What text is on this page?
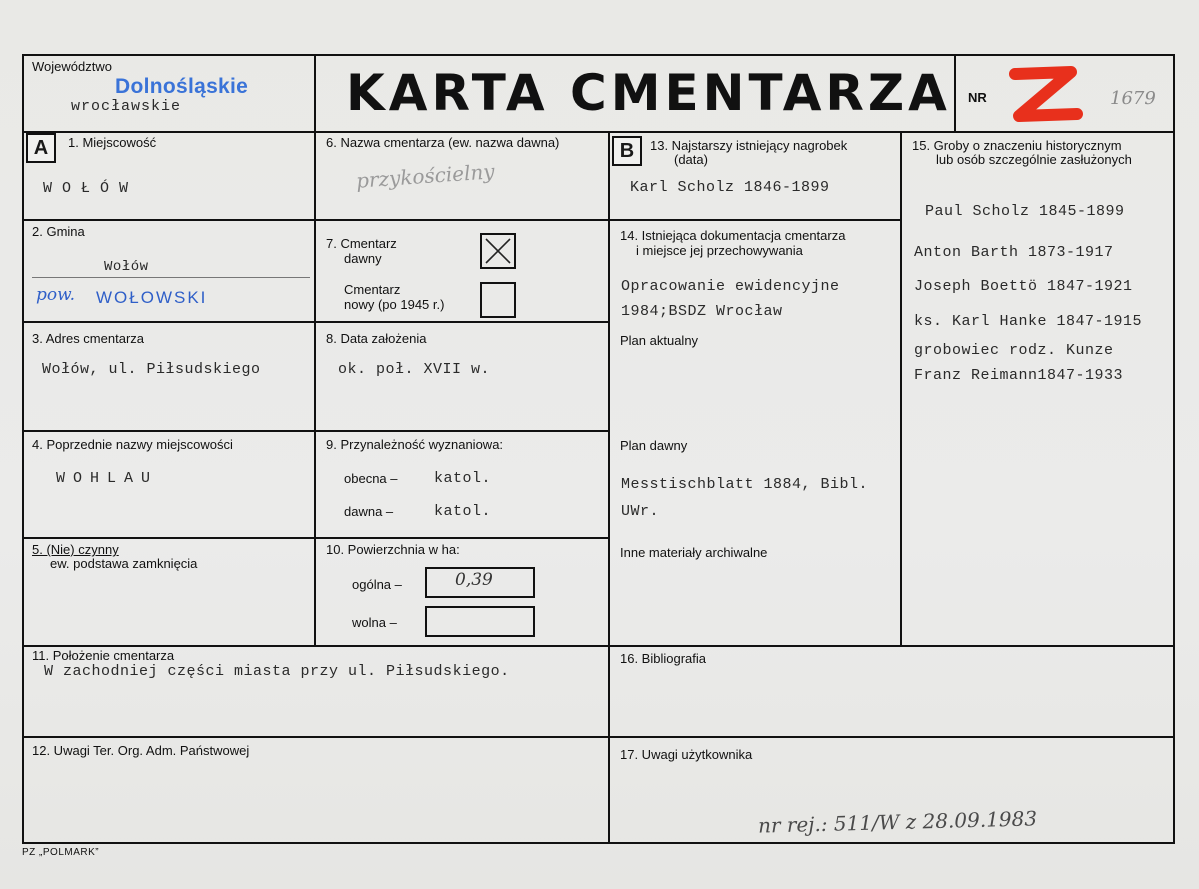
Województwo
Dolnośląskie
wrocławskie	KARTA CMENTARZA NR	1679
A	1. Miejscowość
WOŁÓW
2. Gmina
Wołów
pow. WOŁOWSKI
3. Adres cmentarza
Wołów, ul. Piłsudskiego
4. Poprzednie nazwy miejscowości
WOHLAU
5. (Nie) czynny
ew. podstawa zamknięcia
6. Nazwa cmentarza (ew. nazwa dawna)
przykościelny
7. Cmentarz
dawny
Cmentarz
nowy (po 1945 r.)
8. Data założenia
ok. poł. XVII w.
9. Przynależność wyznaniowa:
obecna – katol.
dawna –	katol.
10. Powierzchnia w ha:
ogólna –	0,39
wolna –
B	13. Najstarszy istniejący nagrobek
(data)
Karl Scholz 1846-1899
14. Istniejąca dokumentacja cmentarza
i miejsce jej przechowywania
Opracowanie ewidencyjne
1984;BSDZ Wrocław
Plan aktualny
Plan dawny
Messtischblatt 1884, Bibl.
UWr.
Inne materiały archiwalne
15. Groby o znaczeniu historycznym
lub osób szczególnie zasłużonych
Paul Scholz 1845-1899
Anton Barth 1873-1917
Joseph Boettö 1847-1921
ks. Karl Hanke 1847-1915
grobowiec rodz. Kunze
Franz Reimann1847-1933
11. Położenie cmentarza
W zachodniej części miasta przy ul. Piłsudskiego.
16. Bibliografia
12. Uwagi Ter. Org. Adm. Państwowej	17. Uwagi użytkownika
nr rej.: 511/W z 28.09.1983
PZ „POLMARK”
